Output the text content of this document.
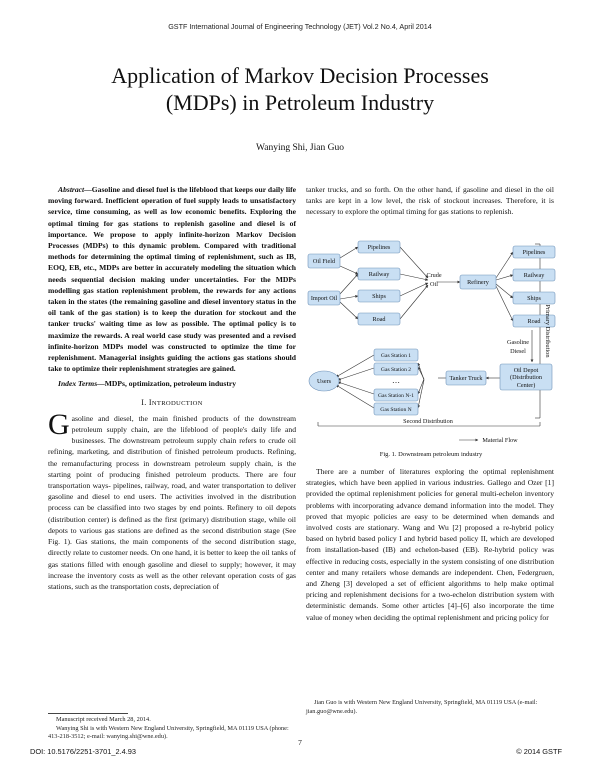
GSTF International Journal of Engineering Technology (JET) Vol.2 No.4, April 2014
Application of Markov Decision Processes
(MDPs) in Petroleum Industry
Wanying Shi, Jian Guo

Abstract—Gasoline and diesel fuel is the lifeblood that keeps our daily life moving forward. Inefficient operation of fuel supply leads to unsatisfactory service, time consuming, as well as low economic benefits. Exploring the optimal timing for gas stations to replenish gasoline and diesel is of importance. We propose to apply infinite-horizon Markov Decision Processes (MDPs) to this dynamic problem. Compared with traditional methods for determining the optimal timing of replenishment, such as IB, EOQ, EB, etc., MDPs are better in accurately modeling the situation which needs sequential decision making under uncertainties. For the MDPs modelling gas station replenishment problem, the rewards for any actions taken in the states (the remaining gasoline and diesel inventory status in the oil tank of the gas station) is to keep the duration for stockout and the tanker trucks' waiting time as low as possible. The optimal policy is to maximize the rewards. A real world case study was presented and a revised infinite-horizon MDPs model was constructed to optimize the time for replenishment. Managerial insights guiding the actions gas stations should take to optimize their replenishment strategies are gained.

Index Terms—MDPs, optimization, petroleum industry

I. INTRODUCTION

Gasoline and diesel, the main finished products of the downstream petroleum supply chain, are the lifeblood of people's daily life and businesses. The downstream petroleum supply chain refers to crude oil refining, marketing, and distribution of finished petroleum products. Refining, the remanufacturing process in downstream petroleum supply chain, is the starting point of producing finished petroleum products. There are four transportation ways- pipelines, railway, road, and water transportation to deliver gasoline and diesel to end users. The activities involved in the distribution process can be classified into two stages by end points. Refinery to oil depots (distribution center) is defined as the first (primary) distribution stage, while oil depots to various gas stations are defined as the second distribution stage (See Fig. 1). Gas stations, the main components of the second distribution stage, directly relate to customer needs. On one hand, it is better to keep the oil tanks of gas stations filled with enough gasoline and diesel to supply; however, it may increase the inventory costs as well as the other relevant operation costs of gas stations, such as the transportation costs, depreciation of

tanker trucks, and so forth. On the other hand, if gasoline and diesel in the oil tanks are kept in a low level, the risk of stockout increases. Therefore, it is necessary to explore the optimal timing for gas stations to replenish.

Oil Field
Import Oil
Pipelines
Railway
Ships
Road
Crude
Oil	Refinery
Pipelines
Railway
Ships
Road
Gasoline
Diesel
Oil Depot
(Distribution
Center)
Tanker Truck
Users
Gas Station 1
Gas Station 2
…
Gas Station N-1
Gas Station N
Second Distribution
Material Flow
Primary Distribution
Fig. 1. Downstream petroleum industry

There are a number of literatures exploring the optimal replenishment strategies, which have been applied in various industries. Gallego and Ozer [1] provided the optimal replenishment policies for general multi-echelon inventory problems with incorporating advance demand information into the model. They proved that myopic policies are easy to be determined when demands and involved costs are stationary. Wang and Wu [2] proposed a re-hybrid policy based on hybrid based policy I and hybrid based policy II, which are developed from installation-based (IB) and echelon-based (EB). Re-hybrid policy was effective in reducing costs, especially in the system consisting of one distribution center and many retailers whose demands are independent. Chen, Federgruen, and Zheng [3] developed a set of efficient algorithms to help make optimal pricing and replenishment decisions for a two-echelon distribution system with deterministic demands. Some other articles [4]–[6] also incorporate the time value of money when deciding the optimal replenishment and pricing policy for

Manuscript received March 28, 2014.
Wanying Shi is with Western New England University, Springfield, MA 01119 USA (phone: 413-218-3512; e-mail: wanying.shi@wne.edu).
Jian Guo is with Western New England University, Springfield, MA 01119 USA (e-mail: jian.guo@wne.edu).
7
DOI: 10.5176/2251-3701_2.4.93	© 2014 GSTF
